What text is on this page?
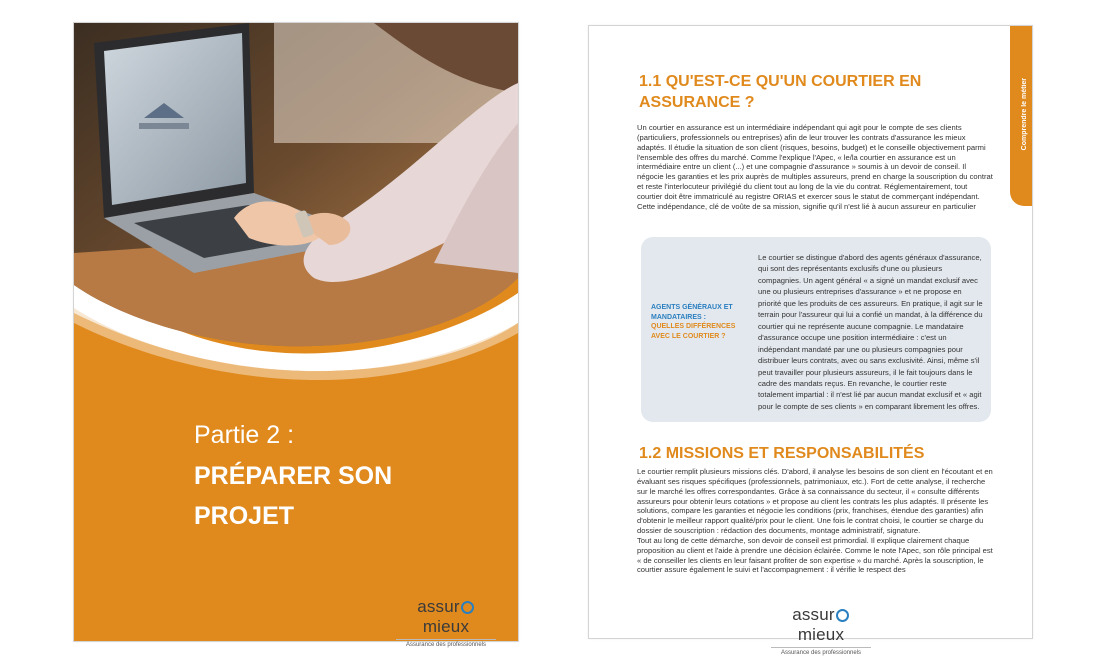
Partie 2 :

PRÉPARER SON PROJET

assurmieux
Assurance des professionnels
Comprendre le métier
1.1 QU'EST-CE QU'UN COURTIER EN ASSURANCE ?

Un courtier en assurance est un intermédiaire indépendant qui agit pour le compte de ses clients (particuliers, professionnels ou entreprises) afin de leur trouver les contrats d'assurance les mieux adaptés. Il étudie la situation de son client (risques, besoins, budget) et le conseille objectivement parmi l'ensemble des offres du marché. Comme l'explique l'Apec, « le/la courtier en assurance est un intermédiaire entre un client (...) et une compagnie d'assurance » soumis à un devoir de conseil. Il négocie les garanties et les prix auprès de multiples assureurs, prend en charge la souscription du contrat et reste l'interlocuteur privilégié du client tout au long de la vie du contrat. Réglementairement, tout courtier doit être immatriculé au registre ORIAS et exercer sous le statut de commerçant indépendant. Cette indépendance, clé de voûte de sa mission, signifie qu'il n'est lié à aucun assureur en particulier

AGENTS GÉNÉRAUX ET MANDATAIRES :
QUELLES DIFFÉRENCES AVEC LE COURTIER ?

Le courtier se distingue d'abord des agents généraux d'assurance, qui sont des représentants exclusifs d'une ou plusieurs compagnies. Un agent général « a signé un mandat exclusif avec une ou plusieurs entreprises d'assurance » et ne propose en priorité que les produits de ces assureurs. En pratique, il agit sur le terrain pour l'assureur qui lui a confié un mandat, à la différence du courtier qui ne représente aucune compagnie. Le mandataire d'assurance occupe une position intermédiaire : c'est un indépendant mandaté par une ou plusieurs compagnies pour distribuer leurs contrats, avec ou sans exclusivité. Ainsi, même s'il peut travailler pour plusieurs assureurs, il le fait toujours dans le cadre des mandats reçus. En revanche, le courtier reste totalement impartial : il n'est lié par aucun mandat exclusif et « agit pour le compte de ses clients » en comparant librement les offres.

1.2 MISSIONS ET RESPONSABILITÉS
Le courtier remplit plusieurs missions clés. D'abord, il analyse les besoins de son client en l'écoutant et en évaluant ses risques spécifiques (professionnels, patrimoniaux, etc.). Fort de cette analyse, il recherche sur le marché les offres correspondantes. Grâce à sa connaissance du secteur, il « consulte différents assureurs pour obtenir leurs cotations » et propose au client les contrats les plus adaptés. Il présente les solutions, compare les garanties et négocie les conditions (prix, franchises, étendue des garanties) afin d'obtenir le meilleur rapport qualité/prix pour le client. Une fois le contrat choisi, le courtier se charge du dossier de souscription : rédaction des documents, montage administratif, signature.
Tout au long de cette démarche, son devoir de conseil est primordial. Il explique clairement chaque proposition au client et l'aide à prendre une décision éclairée. Comme le note l'Apec, son rôle principal est « de conseiller les clients en leur faisant profiter de son expertise » du marché. Après la souscription, le courtier assure également le suivi et l'accompagnement : il vérifie le respect des
assurmieux
Assurance des professionnels
